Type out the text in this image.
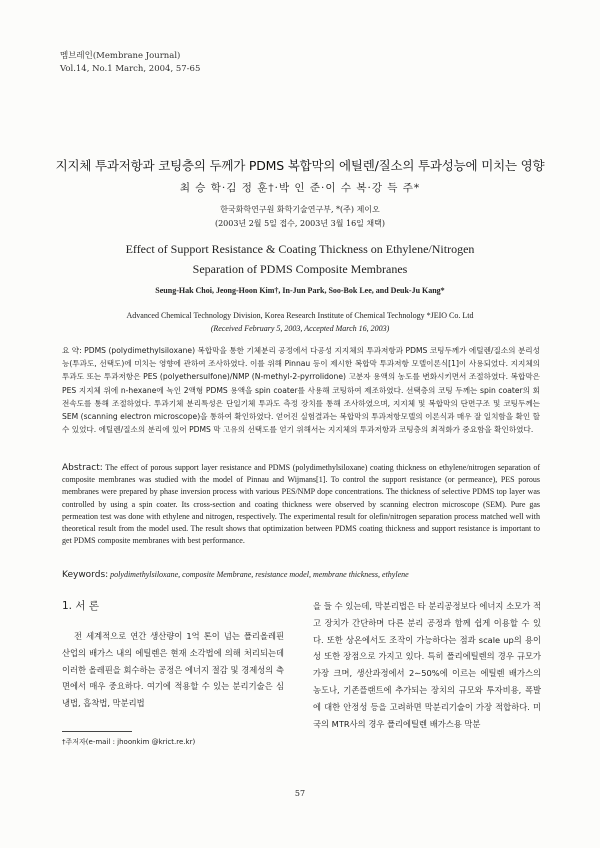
멤브레인(Membrane Journal)
Vol.14, No.1 March, 2004, 57-65
지지체 투과저항과 코팅층의 두께가 PDMS 복합막의 에틸렌/질소의 투과성능에 미치는 영향
최 승 학·김 정 훈†·박 인 준·이 수 복·강 득 주*
한국화학연구원 화학기술연구부, *(주) 제이오
(2003년 2월 5일 접수, 2003년 3월 16일 채택)
Effect of Support Resistance & Coating Thickness on Ethylene/Nitrogen
Separation of PDMS Composite Membranes
Seung-Hak Choi, Jeong-Hoon Kim†, In-Jun Park, Soo-Bok Lee, and Deuk-Ju Kang*
Advanced Chemical Technology Division, Korea Research Institute of Chemical Technology *JEIO Co. Ltd
(Received February 5, 2003, Accepted March 16, 2003)
요 약: PDMS (polydimethylsiloxane) 복합막을 통한 기체분리 공정에서 다공성 지지체의 투과저항과 PDMS 코팅두께가 에틸렌/질소의 분리성능(투과도, 선택도)에 미치는 영향에 관하여 조사하였다. 이를 위해 Pinnau 등이 제시한 복합막 투과저항 모델이론식[1]이 사용되었다. 지지체의 투과도 또는 투과저항은 PES (polyethersulfone)/NMP (N-methyl-2-pyrrolidone) 고분자 용액의 농도를 변화시키면서 조절하였다. 복합막은 PES 지지체 위에 n-hexane에 녹인 2액형 PDMS 용액을 spin coater를 사용해 코팅하여 제조하였다. 선택층의 코팅 두께는 spin coater의 회전속도를 통해 조절하였다. 투과기체 분리특성은 단일기체 투과도 측정 장치를 통해 조사하였으며, 지지체 및 복합막의 단면구조 및 코팅두께는 SEM (scanning electron microscope)을 통하여 확인하였다. 얻어진 실험결과는 복합막의 투과저항모델의 이론식과 매우 잘 일치함을 확인 할 수 있었다. 에틸렌/질소의 분리에 있어 PDMS 막 고유의 선택도를 얻기 위해서는 지지체의 투과저항과 코팅층의 최적화가 중요함을 확인하였다.
Abstract: The effect of porous support layer resistance and PDMS (polydimethylsiloxane) coating thickness on ethylene/nitrogen separation of composite membranes was studied with the model of Pinnau and Wijmans[1]. To control the support resistance (or permeance), PES porous membranes were prepared by phase inversion process with various PES/NMP dope concentrations. The thickness of selective PDMS top layer was controlled by using a spin coater. Its cross-section and coating thickness were observed by scanning electron microscope (SEM). Pure gas permeation test was done with ethylene and nitrogen, respectively. The experimental result for olefin/nitrogen separation process matched well with theoretical result from the model used. The result shows that optimization between PDMS coating thickness and support resistance is important to get PDMS composite membranes with best performance.
Keywords: polydimethylsiloxane, composite Membrane, resistance model, membrane thickness, ethylene
1. 서 론
전 세계적으로 연간 생산량이 1억 톤이 넘는 폴리올레핀 산업의 배가스 내의 에틸렌은 현재 소각법에 의해 처리되는데 이러한 올레핀을 회수하는 공정은 에너지 절감 및 경제성의 측면에서 매우 중요하다. 여기에 적용할 수 있는 분리기술은 심냉법, 흡착법, 막분리법
을 들 수 있는데, 막분리법은 타 분리공정보다 에너지 소모가 적고 장치가 간단하며 다른 분리 공정과 함께 쉽게 이용할 수 있다. 또한 상온에서도 조작이 가능하다는 점과 scale up의 용이성 또한 장점으로 가지고 있다. 특히 폴리에틸렌의 경우 규모가 가장 크며, 생산과정에서 2∼50%에 이르는 에틸렌 배가스의 농도나, 기존플랜트에 추가되는 장치의 규모와 투자비용, 폭발에 대한 안정성 등을 고려하면 막분리기술이 가장 적합하다. 미국의 MTR사의 경우 폴리에틸렌 배가스용 막분
†주저자(e-mail : jhoonkim @krict.re.kr)
57
